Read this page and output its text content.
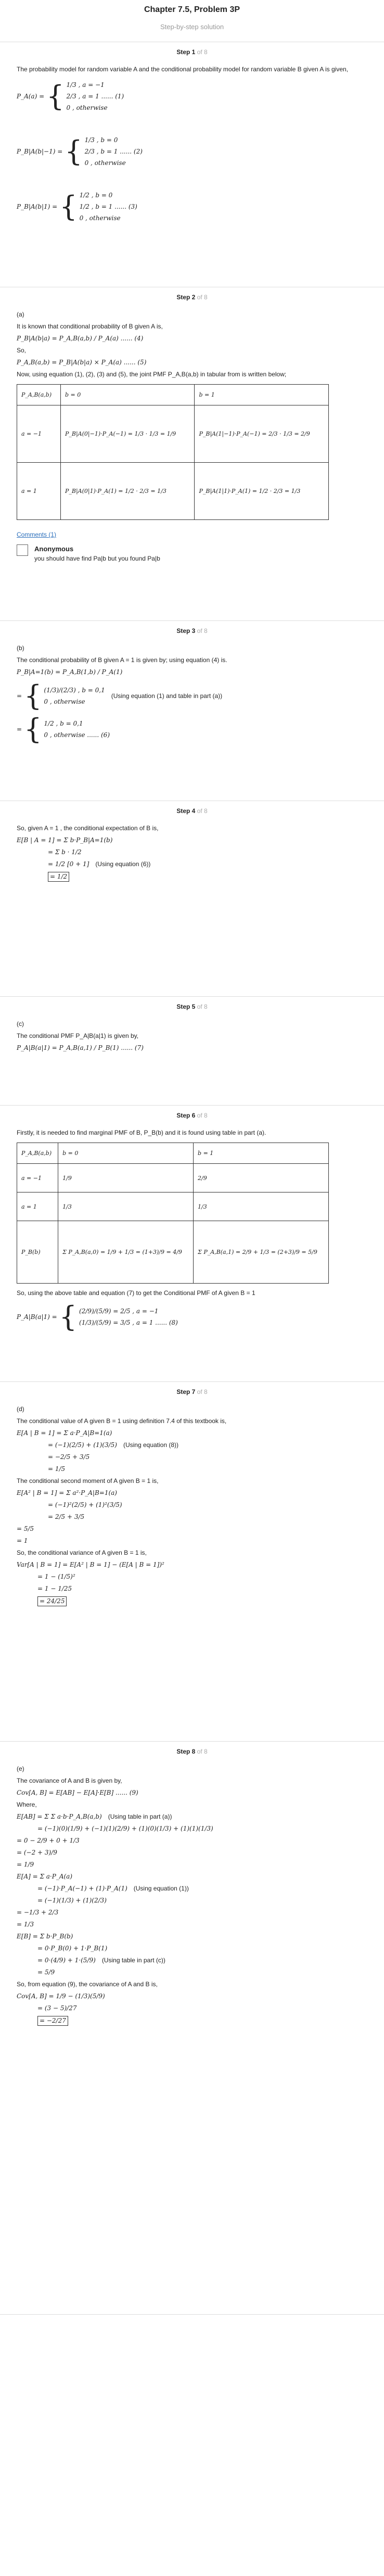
Chapter 7.5, Problem 3P

Step-by-step solution
Step 1 of 8

The probability model for random variable A and the conditional probability model for random variable B given A is given,

P_A(a) = { 1/3 , a = −1
2/3 , a = 1 ...... (1)
0 , otherwise
P_B|A(b|−1) = { 1/3 , b = 0
2/3 , b = 1 ...... (2)
0 , otherwise
P_B|A(b|1) = { 1/2 , b = 0
1/2 , b = 1 ...... (3)
0 , otherwise
Step 2 of 8

(a)

It is known that conditional probability of B given A is,

P_B|A(b|a) = P_A,B(a,b) / P_A(a) ...... (4)

So,

P_A,B(a,b) = P_B|A(b|a) × P_A(a) ...... (5)

Now, using equation (1), (2), (3) and (5), the joint PMF P_A,B(a,b) in tabular from is written below;

P_A,B(a,b)	b = 0	b = 1
a = −1	P_B|A(0|−1)·P_A(−1) = 1/3 · 1/3 = 1/9	P_B|A(1|−1)·P_A(−1) = 2/3 · 1/3 = 2/9
a = 1	P_B|A(0|1)·P_A(1) = 1/2 · 2/3 = 1/3	P_B|A(1|1)·P_A(1) = 1/2 · 2/3 = 1/3
Comments (1)
Anonymous
you should have find Pa|b but you found Pa|b
Step 3 of 8

(b)

The conditional probability of B given A = 1 is given by; using equation (4) is.

P_B|A=1(b) = P_A,B(1,b) / P_A(1)
= { (1/3)/(2/3) , b = 0,1
0 , otherwise
(Using equation (1) and table in part (a))
= { 1/2 , b = 0,1
0 , otherwise ...... (6)
Step 4 of 8

So, given A = 1 , the conditional expectation of B is,

E[B | A = 1] = Σ b·P_B|A=1(b)
= Σ b · 1/2
= 1/2 [0 + 1] (Using equation (6))
= 1/2
Step 5 of 8

(c)

The conditional PMF P_A|B(a|1) is given by,

P_A|B(a|1) = P_A,B(a,1) / P_B(1) ...... (7)
Step 6 of 8

Firstly, it is needed to find marginal PMF of B, P_B(b) and it is found using table in part (a).

P_A,B(a,b)	b = 0	b = 1
a = −1	1/9	2/9
a = 1	1/3	1/3
P_B(b)	Σ P_A,B(a,0) = 1/9 + 1/3 = (1+3)/9 = 4/9	Σ P_A,B(a,1) = 2/9 + 1/3 = (2+3)/9 = 5/9

So, using the above table and equation (7) to get the Conditional PMF of A given B = 1

P_A|B(a|1) = { (2/9)/(5/9) = 2/5 , a = −1
(1/3)/(5/9) = 3/5 , a = 1 ...... (8)
Step 7 of 8

(d)

The conditional value of A given B = 1 using definition 7.4 of this textbook is,

E[A | B = 1] = Σ a·P_A|B=1(a)
= (−1)(2/5) + (1)(3/5) (Using equation (8))
= −2/5 + 3/5
= 1/5

The conditional second moment of A given B = 1 is,

E[A² | B = 1] = Σ a²·P_A|B=1(a)
= (−1)²(2/5) + (1)²(3/5)
= 2/5 + 3/5
= 5/5
= 1

So, the conditional variance of A given B = 1 is,

Var[A | B = 1] = E[A² | B = 1] − (E[A | B = 1])²
= 1 − (1/5)²
= 1 − 1/25
= 24/25
Step 8 of 8

(e)

The covariance of A and B is given by,

Cov[A, B] = E[AB] − E[A]·E[B] ...... (9)

Where,

E[AB] = Σ Σ a·b·P_A,B(a,b) (Using table in part (a))
= (−1)(0)(1/9) + (−1)(1)(2/9) + (1)(0)(1/3) + (1)(1)(1/3)
= 0 − 2/9 + 0 + 1/3
= (−2 + 3)/9
= 1/9
E[A] = Σ a·P_A(a)
= (−1)·P_A(−1) + (1)·P_A(1) (Using equation (1))
= (−1)(1/3) + (1)(2/3)
= −1/3 + 2/3
= 1/3
E[B] = Σ b·P_B(b)
= 0·P_B(0) + 1·P_B(1)
= 0·(4/9) + 1·(5/9) (Using table in part (c))
= 5/9

So, from equation (9), the covariance of A and B is,

Cov[A, B] = 1/9 − (1/3)(5/9)
= (3 − 5)/27
= −2/27
